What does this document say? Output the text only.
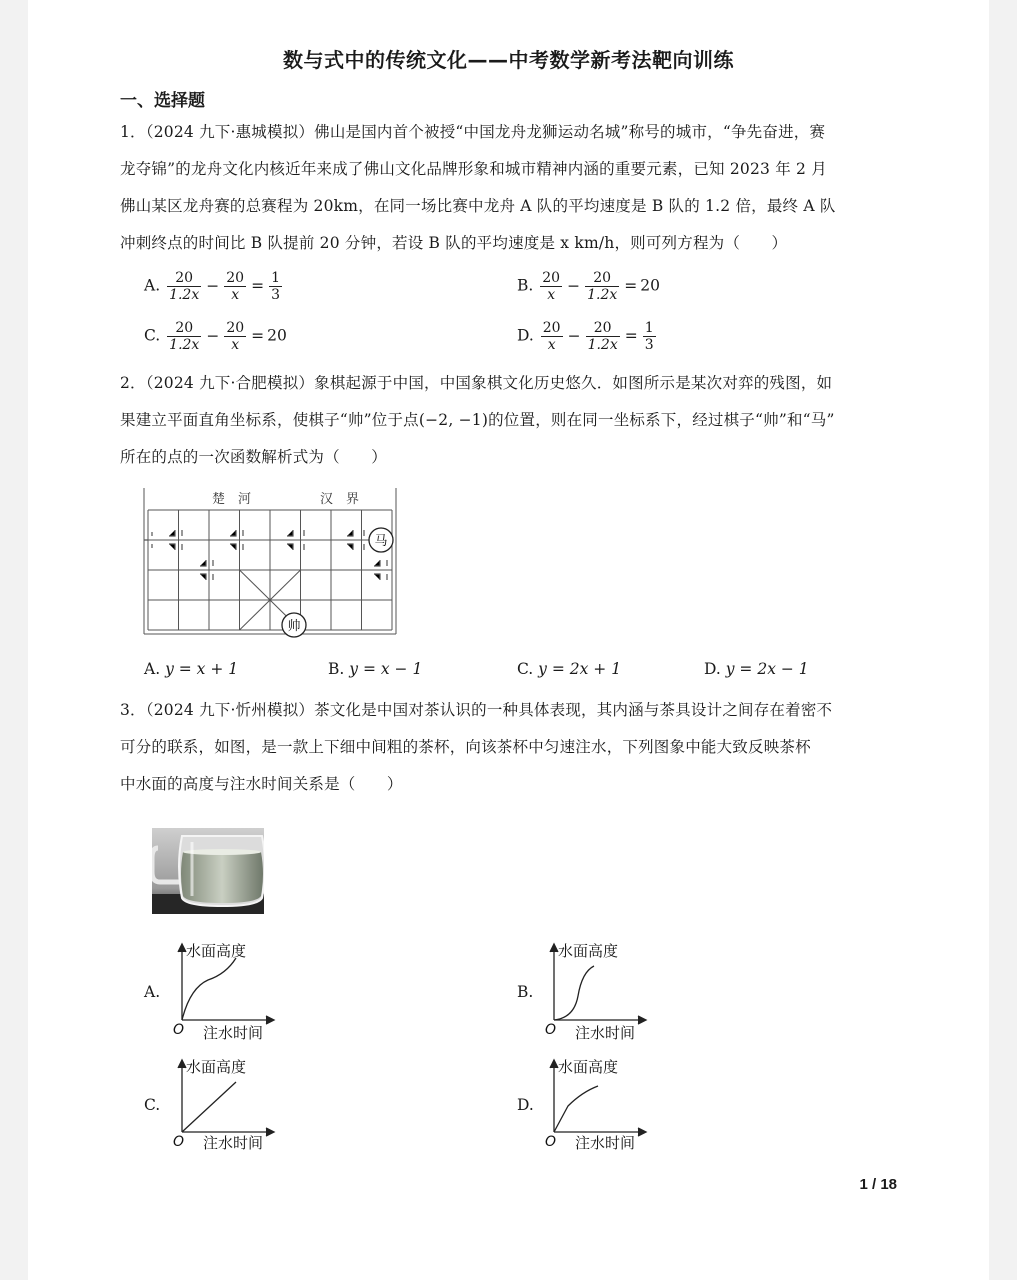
数与式中的传统文化——中考数学新考法靶向训练
一、选择题
1．（2024 九下·惠城模拟）佛山是国内首个被授“中国龙舟龙狮运动名城”称号的城市，“争先奋进，赛
龙夺锦”的龙舟文化内核近年来成了佛山文化品牌形象和城市精神内涵的重要元素，已知 2023 年 2 月
佛山某区龙舟赛的总赛程为 20km，在同一场比赛中龙舟 A 队的平均速度是 B 队的 1.2 倍，最终 A 队
冲刺终点的时间比 B 队提前 20 分钟，若设 B 队的平均速度是 x km/h，则可列方程为（　　）
A. $\frac{20}{1.2x} - \frac{20}{x} = \frac{1}{3}$	B. $\frac{20}{x} - \frac{20}{1.2x} = 20$
C. $\frac{20}{1.2x} - \frac{20}{x} = 20$	D. $\frac{20}{x} - \frac{20}{1.2x} = \frac{1}{3}$
2．（2024 九下·合肥模拟）象棋起源于中国，中国象棋文化历史悠久．如图所示是某次对弈的残图，如
果建立平面直角坐标系，使棋子“帅”位于点(−2, −1)的位置，则在同一坐标系下，经过棋子“帅”和“马”
所在的点的一次函数解析式为（　　）
楚　河	汉　界
马
帅
A. y = x + 1	B. y = x − 1	C. y = 2x + 1	D. y = 2x − 1
3．（2024 九下·忻州模拟）茶文化是中国对茶认识的一种具体表现，其内涵与茶具设计之间存在着密不
可分的联系，如图，是一款上下细中间粗的茶杯，向该茶杯中匀速注水，下列图象中能大致反映茶杯
中水面的高度与注水时间关系是（　　）
A.
水面高度
O 注水时间
B.
水面高度
O 注水时间
C.
水面高度
O 注水时间
D.
水面高度
O 注水时间
1 / 18
